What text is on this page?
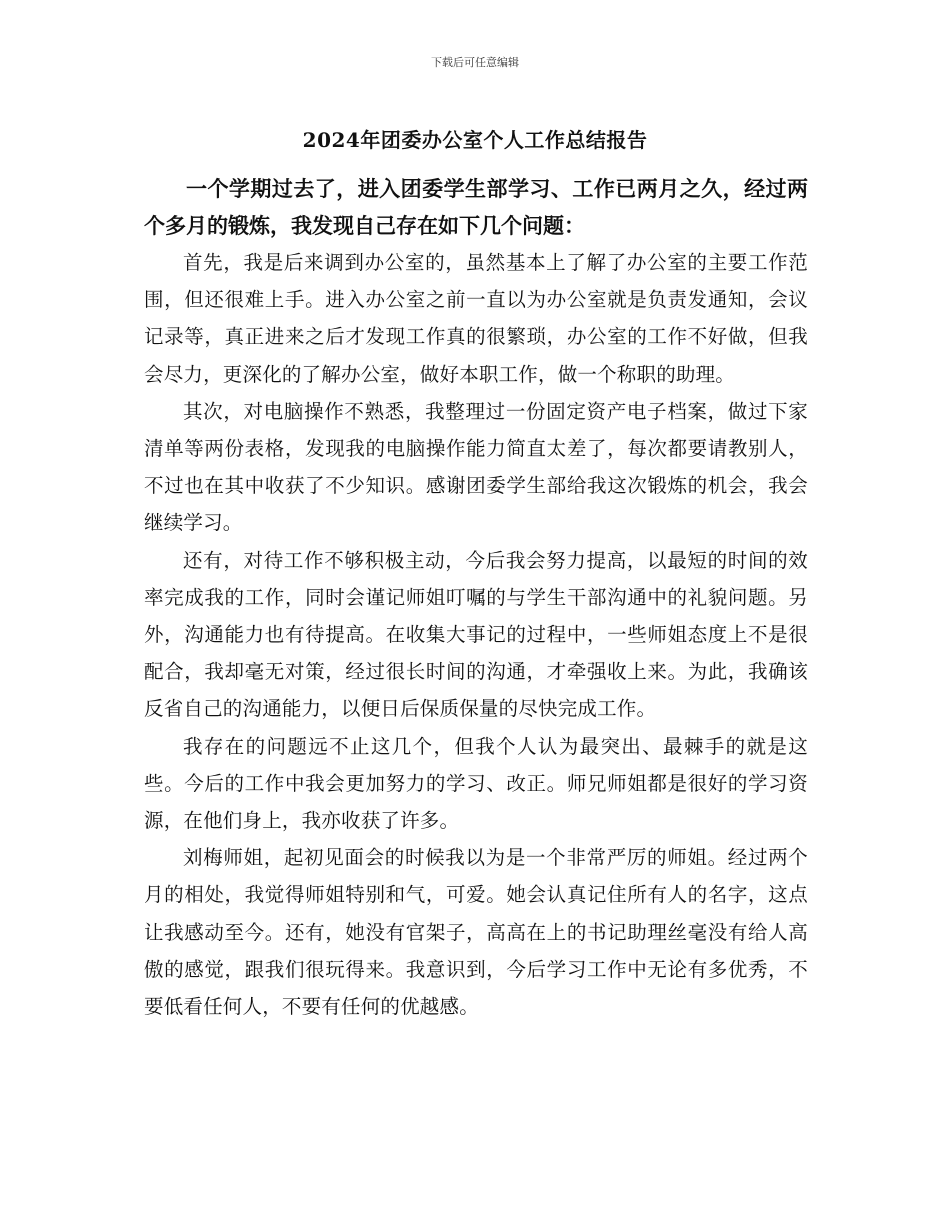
下载后可任意编辑
2024年团委办公室个人工作总结报告

一个学期过去了，进入团委学生部学习、工作已两月之久，经过两个多月的锻炼，我发现自己存在如下几个问题：

首先，我是后来调到办公室的，虽然基本上了解了办公室的主要工作范围，但还很难上手。进入办公室之前一直以为办公室就是负责发通知，会议记录等，真正进来之后才发现工作真的很繁琐，办公室的工作不好做，但我会尽力，更深化的了解办公室，做好本职工作，做一个称职的助理。

其次，对电脑操作不熟悉，我整理过一份固定资产电子档案，做过下家清单等两份表格，发现我的电脑操作能力简直太差了，每次都要请教别人，不过也在其中收获了不少知识。感谢团委学生部给我这次锻炼的机会，我会继续学习。

还有，对待工作不够积极主动，今后我会努力提高，以最短的时间的效率完成我的工作，同时会谨记师姐叮嘱的与学生干部沟通中的礼貌问题。另外，沟通能力也有待提高。在收集大事记的过程中，一些师姐态度上不是很配合，我却毫无对策，经过很长时间的沟通，才牵强收上来。为此，我确该反省自己的沟通能力，以便日后保质保量的尽快完成工作。

我存在的问题远不止这几个，但我个人认为最突出、最棘手的就是这些。今后的工作中我会更加努力的学习、改正。师兄师姐都是很好的学习资源，在他们身上，我亦收获了许多。

刘梅师姐，起初见面会的时候我以为是一个非常严厉的师姐。经过两个月的相处，我觉得师姐特别和气，可爱。她会认真记住所有人的名字，这点让我感动至今。还有，她没有官架子，高高在上的书记助理丝毫没有给人高傲的感觉，跟我们很玩得来。我意识到，今后学习工作中无论有多优秀，不要低看任何人，不要有任何的优越感。
